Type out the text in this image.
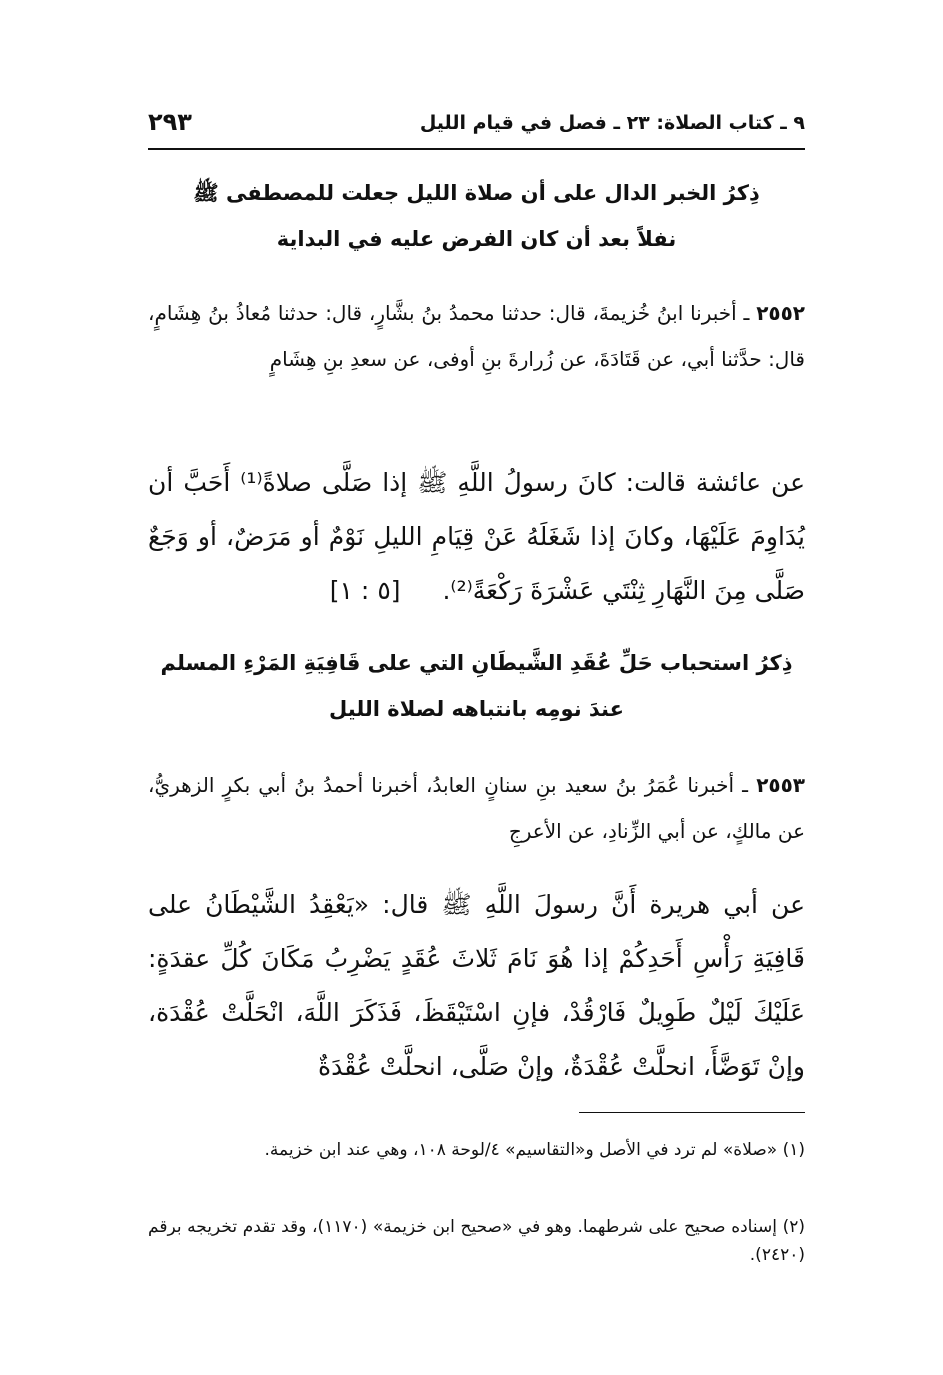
٩ ـ كتاب الصلاة: ٢٣ ـ فصل في قيام الليل
٢٩٣
ذِكرُ الخبر الدال على أن صلاة الليل جعلت للمصطفى ﷺ
نفلاً بعد أن كان الفرض عليه في البداية
٢٥٥٢ ـ أخبرنا ابنُ خُزيمةَ، قال: حدثنا محمدُ بنُ بشَّارٍ، قال: حدثنا مُعاذُ بنُ هِشَامٍ، قال: حدَّثنا أبي، عن قَتَادَةَ، عن زُرارةَ بنِ أوفى، عن سعدِ بنِ هِشَامٍ
عن عائشة قالت: كانَ رسولُ اللَّهِ ﷺ إذا صَلَّى صلاةً⁽¹⁾ أَحَبَّ أن يُدَاوِمَ عَلَيْهَا، وكانَ إذا شَغَلَهُ عَنْ قِيَامِ الليلِ نَوْمٌ أو مَرَضٌ، أو وَجَعٌ صَلَّى مِنَ النَّهَارِ ثِنْتَي عَشْرَةَ رَكْعَةً⁽²⁾. [٥ : ١]
ذِكرُ استحباب حَلِّ عُقَدِ الشَّيطَانِ التي على قَافِيَةِ المَرْءِ المسلم
عندَ نومِه بانتباهه لصلاة الليل
٢٥٥٣ ـ أخبرنا عُمَرُ بنُ سعيد بنِ سنانٍ العابدُ، أخبرنا أحمدُ بنُ أبي بكرٍ الزهريُّ، عن مالكٍ، عن أبي الزِّنادِ، عن الأعرجِ
عن أبي هريرة أَنَّ رسولَ اللَّهِ ﷺ قال: «يَعْقِدُ الشَّيْطَانُ على قَافِيَةِ رَأْسِ أَحَدِكُمْ إذا هُوَ نَامَ ثَلاثَ عُقَدٍ يَضْرِبُ مَكَانَ كُلِّ عقدَةٍ: عَلَيْكَ لَيْلٌ طَوِيلٌ فَارْقُدْ، فإنِ اسْتَيْقَظَ، فَذَكَرَ اللَّهَ، انْحَلَّتْ عُقْدَة، وإنْ تَوَضَّأَ، انحلَّتْ عُقْدَةٌ، وإنْ صَلَّى، انحلَّتْ عُقْدَةٌ
(١) «صلاة» لم ترد في الأصل و«التقاسيم» ٤/لوحة ١٠٨، وهي عند ابن خزيمة.
(٢) إسناده صحيح على شرطهما. وهو في «صحيح ابن خزيمة» (١١٧٠)، وقد تقدم تخريجه برقم (٢٤٢٠).
